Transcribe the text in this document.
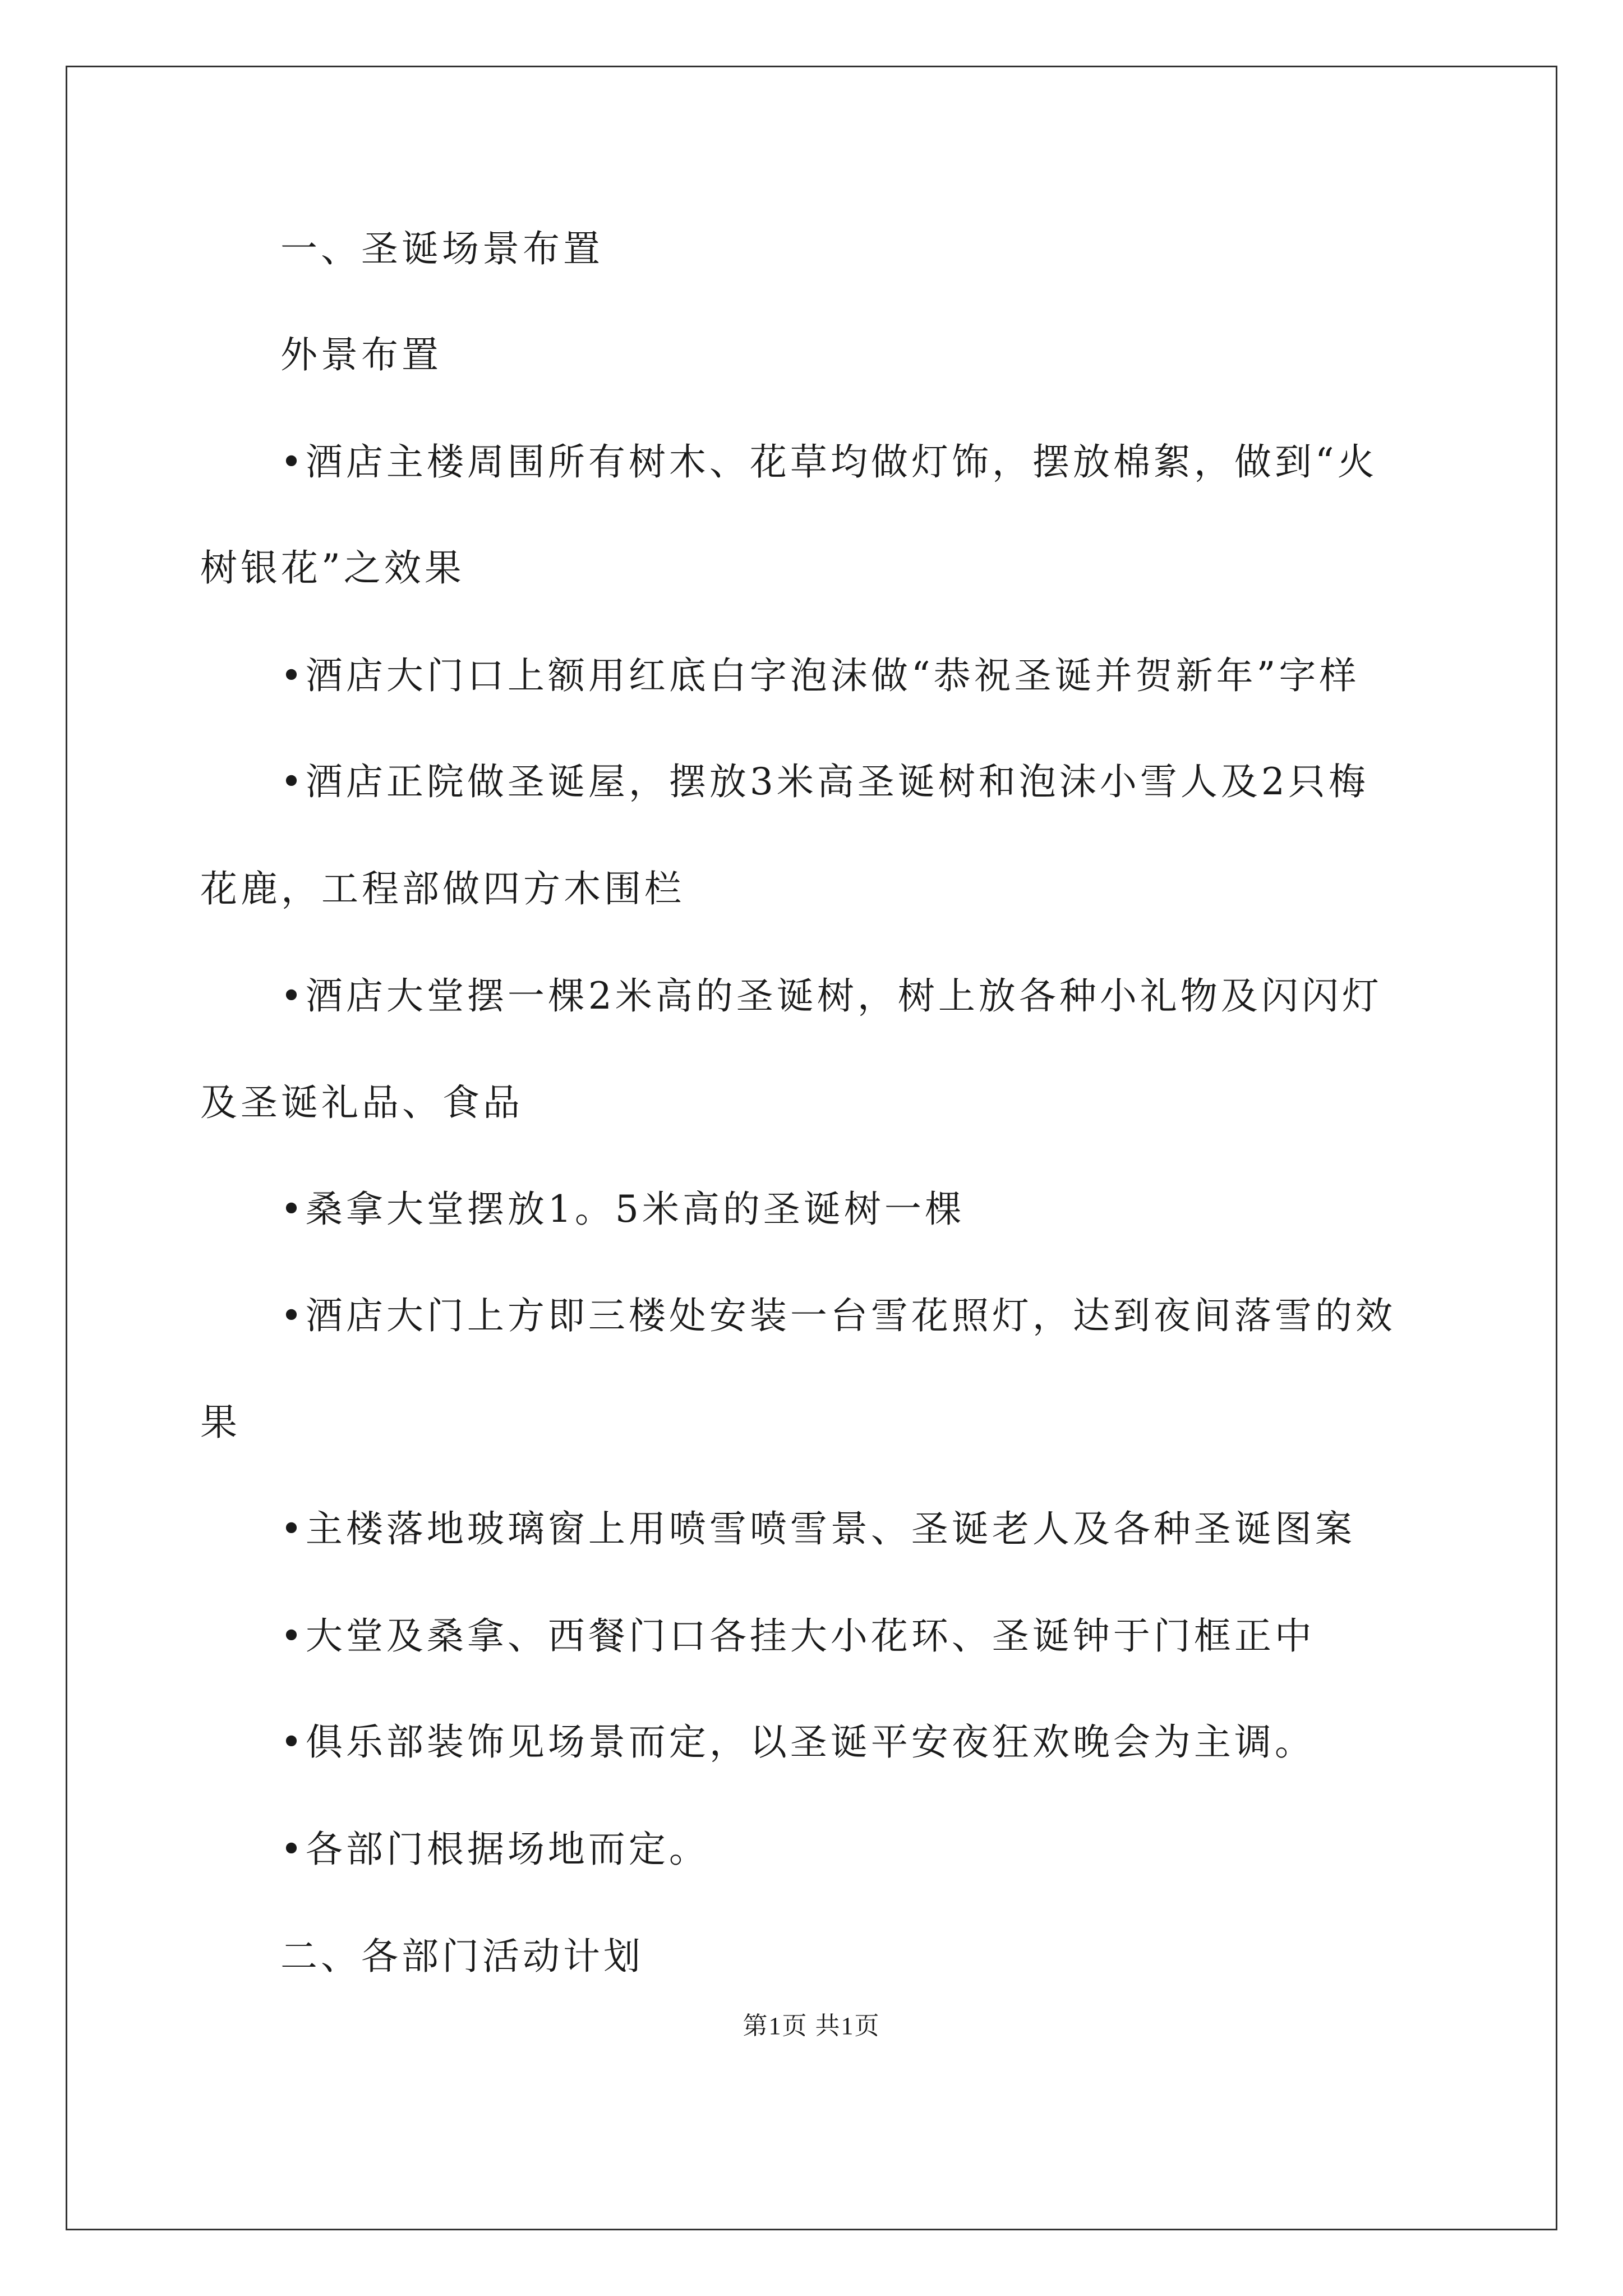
一、圣诞场景布置
外景布置
•酒店主楼周围所有树木、花草均做灯饰，摆放棉絮，做到“火
树银花”之效果
•酒店大门口上额用红底白字泡沫做“恭祝圣诞并贺新年”字样
•酒店正院做圣诞屋，摆放3米高圣诞树和泡沫小雪人及2只梅
花鹿，工程部做四方木围栏
•酒店大堂摆一棵2米高的圣诞树，树上放各种小礼物及闪闪灯
及圣诞礼品、食品
•桑拿大堂摆放1。5米高的圣诞树一棵
•酒店大门上方即三楼处安装一台雪花照灯，达到夜间落雪的效
果
•主楼落地玻璃窗上用喷雪喷雪景、圣诞老人及各种圣诞图案
•大堂及桑拿、西餐门口各挂大小花环、圣诞钟于门框正中
•俱乐部装饰见场景而定，以圣诞平安夜狂欢晚会为主调。
•各部门根据场地而定。
二、各部门活动计划
第1页 共1页
